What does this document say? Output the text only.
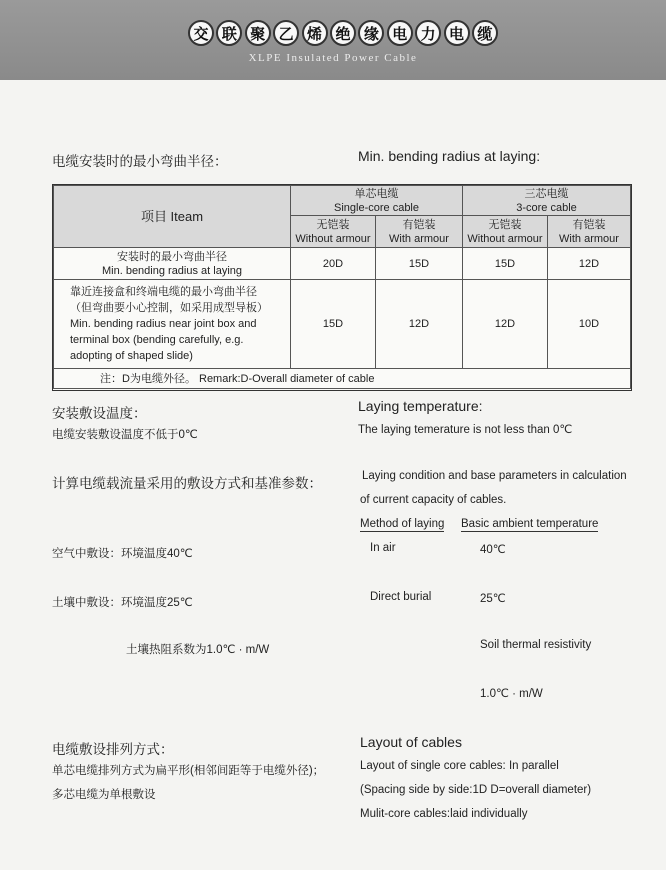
交 联 聚 乙 烯 绝 缘 电 力 电 缆
XLPE Insulated Power Cable
电缆安装时的最小弯曲半径：	Min. bending radius at laying:
项目 Iteam	单芯电缆
Single-core cable		三芯电缆
3-core cable	

	无铠装
Without armour	有铠装
With armour	无铠装
Without armour	有铠装
With armour

安装时的最小弯曲半径
Min. bending radius at laying	20D	15D	15D	12D

靠近连接盒和终端电缆的最小弯曲半径
（但弯曲要小心控制，如采用成型导板）
Min. bending radius near joint box and
terminal box (bending carefully, e.g.
adopting of shaped slide)	15D	12D	12D	10D
注：D为电缆外径。 Remark:D-Overall diameter of cable				
安装敷设温度：	Laying temperature:
电缆安装敷设温度不低于0℃	The laying temerature is not less than 0℃
计算电缆载流量采用的敷设方式和基准参数：	Laying condition and base parameters in calculation
of current capacity of cables.
Method of laying Basic ambient temperature
空气中敷设：环境温度40℃	In air	40℃
土壤中敷设：环境温度25℃	Direct burial	25℃
土壤热阻系数为1.0℃ · m/W	Soil thermal resistivity
1.0℃ · m/W
电缆敷设排列方式：	Layout of cables
单芯电缆排列方式为扁平形(相邻间距等于电缆外径)；
多芯电缆为单根敷设
Layout of single core cables: In parallel
(Spacing side by side:1D D=overall diameter)
Mulit-core cables:laid individually
